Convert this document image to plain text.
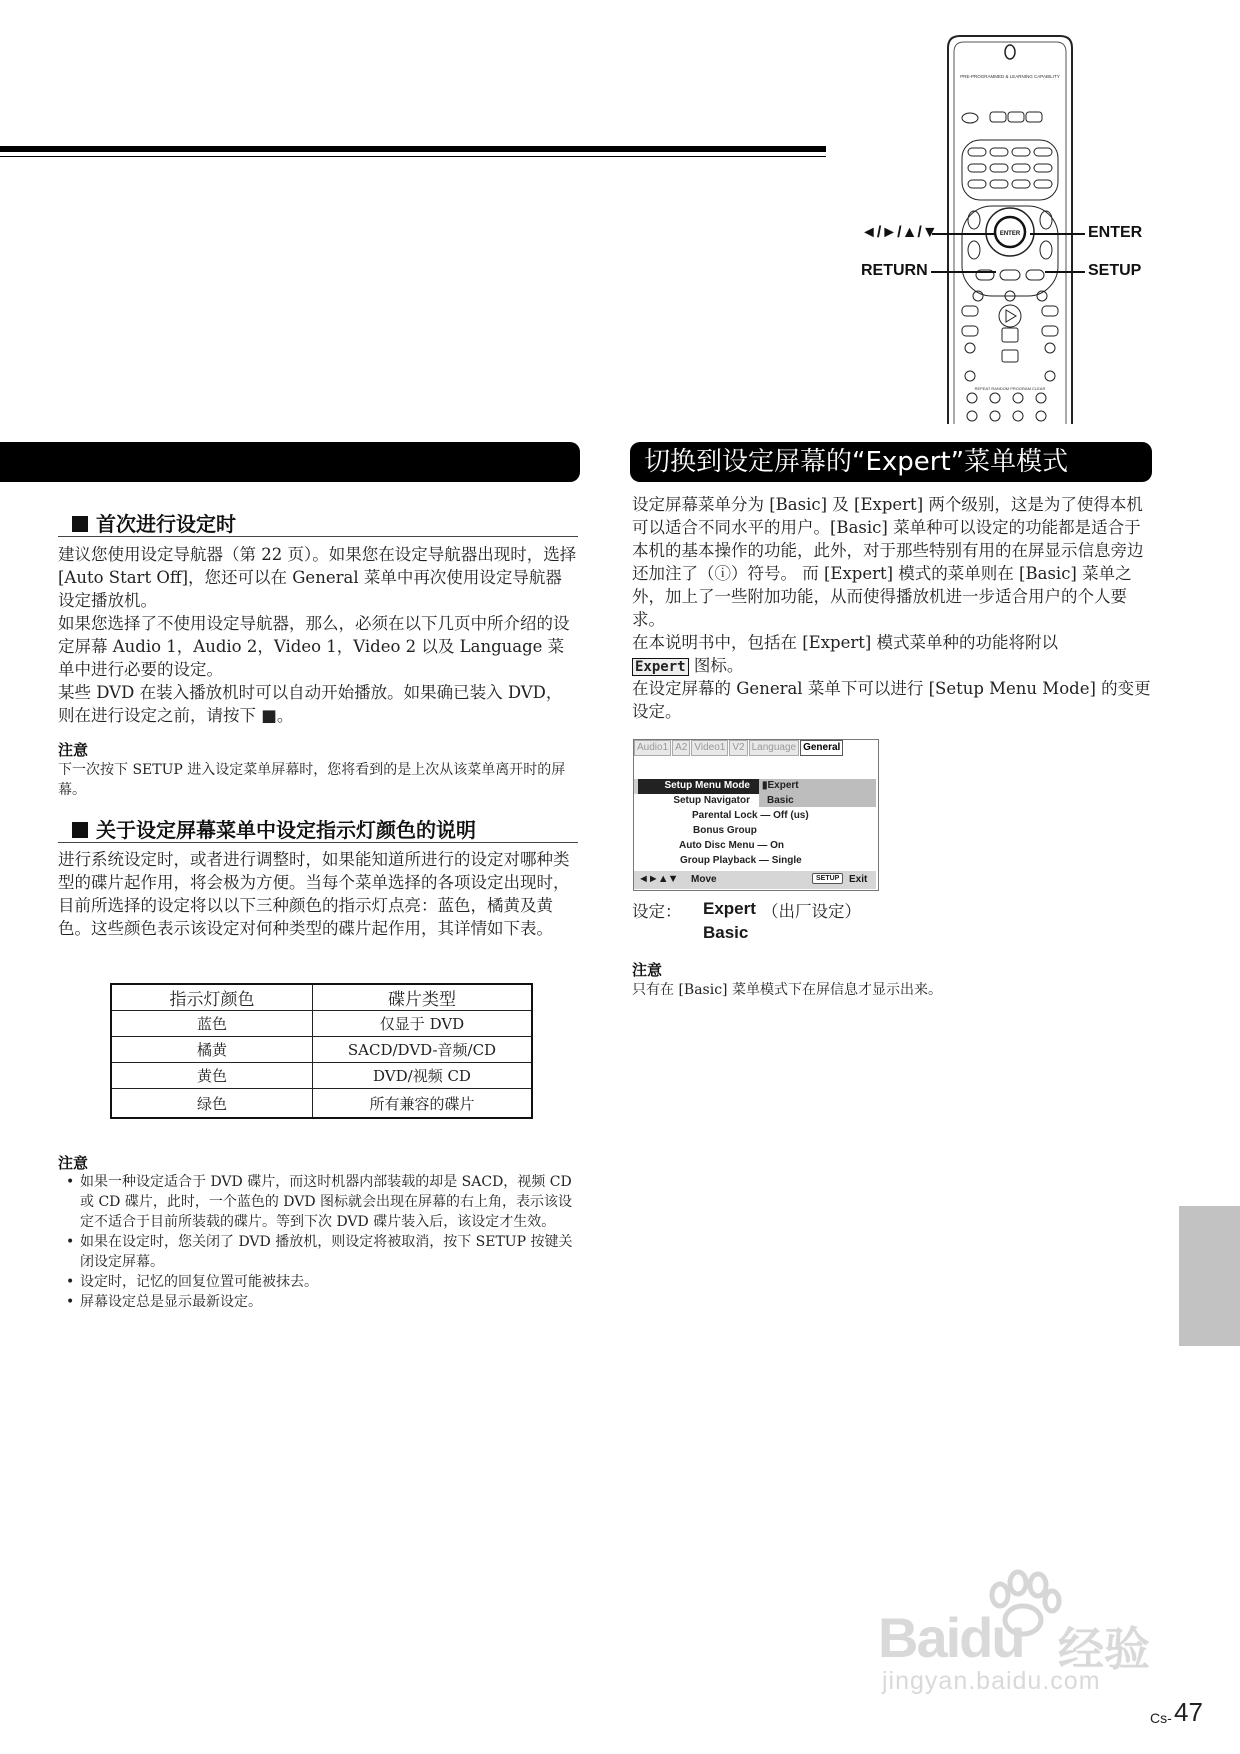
PRE-PROGRAMMED & LEARNING CAPABILITY
ENTER
REPEAT RANDOM PROGRAM CLEAR
◄/►/▲/▼	ENTER
RETURN	SETUP
切换到设定屏幕的“Expert”菜单模式
首次进行设定时

建议您使用设定导航器（第 22 页）。如果您在设定导航器出现时，选择 [Auto Start Off]，您还可以在 General 菜单中再次使用设定导航器设定播放机。

如果您选择了不使用设定导航器，那么，必须在以下几页中所介绍的设定屏幕 Audio 1，Audio 2，Video 1，Video 2 以及 Language 菜单中进行必要的设定。

某些 DVD 在装入播放机时可以自动开始播放。如果确已装入 DVD，则在进行设定之前，请按下 ■。

注意
下一次按下 SETUP 进入设定菜单屏幕时，您将看到的是上次从该菜单离开时的屏幕。
关于设定屏幕菜单中设定指示灯颜色的说明
进行系统设定时，或者进行调整时，如果能知道所进行的设定对哪种类型的碟片起作用，将会极为方便。当每个菜单选择的各项设定出现时，目前所选择的设定将以以下三种颜色的指示灯点亮：蓝色，橘黄及黄色。这些颜色表示该设定对何种类型的碟片起作用，其详情如下表。
指示灯颜色	碟片类型
蓝色	仅显于 DVD
橘黄	SACD/DVD-音频/CD
黄色	DVD/视频 CD
绿色	所有兼容的碟片
注意
• 如果一种设定适合于 DVD 碟片，而这时机器内部装载的却是 SACD，视频 CD 或 CD 碟片，此时，一个蓝色的 DVD 图标就会出现在屏幕的右上角，表示该设定不适合于目前所装载的碟片。等到下次 DVD 碟片装入后，该设定才生效。
• 如果在设定时，您关闭了 DVD 播放机，则设定将被取消，按下 SETUP 按键关闭设定屏幕。
• 设定时，记忆的回复位置可能被抹去。
• 屏幕设定总是显示最新设定。

设定屏幕菜单分为 [Basic] 及 [Expert] 两个级别，这是为了使得本机可以适合不同水平的用户。[Basic] 菜单种可以设定的功能都是适合于本机的基本操作的功能，此外，对于那些特别有用的在屏显示信息旁边还加注了（ⓘ）符号。 而 [Expert] 模式的菜单则在 [Basic] 菜单之外，加上了一些附加功能，从而使得播放机进一步适合用户的个人要求。

在本说明书中，包括在 [Expert] 模式菜单种的功能将附以

Expert 图标。

在设定屏幕的 General 菜单下可以进行 [Setup Menu Mode] 的变更设定。

Audio1 A2 Video1 V2 Language General
Setup Menu Mode ▮Expert
Setup Navigator Basic
Parental Lock — Off (us)
Bonus Group
Auto Disc Menu — On
Group Playback — Single
◄►▲▼ Move	SETUP Exit
设定： Expert （出厂设定）
Basic
注意
只有在 [Basic] 菜单模式下在屏信息才显示出来。
Baidu 经验
jingyan.baidu.com
Cs- 47
